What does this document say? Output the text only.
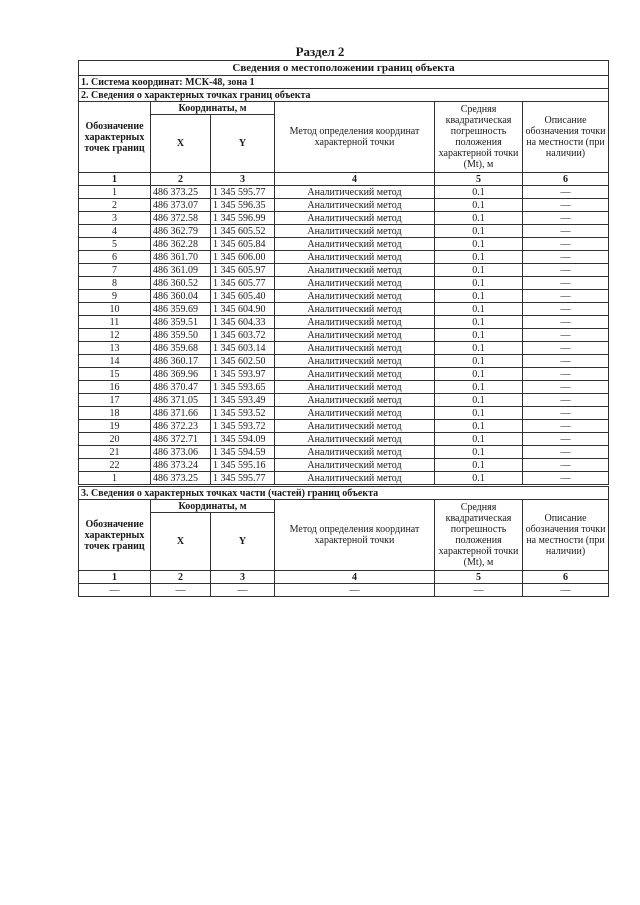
Раздел 2
Сведения о местоположении границ объекта					
1. Система координат: МСК-48, зона 1					
2. Сведения о характерных точках границ объекта					
Обозначение характерных точек границ	Координаты, м		Метод определения координат характерной точки	Средняя квадратическая погрешность положения характерной точки (Mt), м	Описание обозначения точки на местности (при наличии)
	X	Y			
1	2	3	4	5	6
1	486 373.25	1 345 595.77	Аналитический метод	0.1	—
2	486 373.07	1 345 596.35	Аналитический метод	0.1	—
3	486 372.58	1 345 596.99	Аналитический метод	0.1	—
4	486 362.79	1 345 605.52	Аналитический метод	0.1	—
5	486 362.28	1 345 605.84	Аналитический метод	0.1	—
6	486 361.70	1 345 606.00	Аналитический метод	0.1	—
7	486 361.09	1 345 605.97	Аналитический метод	0.1	—
8	486 360.52	1 345 605.77	Аналитический метод	0.1	—
9	486 360.04	1 345 605.40	Аналитический метод	0.1	—
10	486 359.69	1 345 604.90	Аналитический метод	0.1	—
11	486 359.51	1 345 604.33	Аналитический метод	0.1	—
12	486 359.50	1 345 603.72	Аналитический метод	0.1	—
13	486 359.68	1 345 603.14	Аналитический метод	0.1	—
14	486 360.17	1 345 602.50	Аналитический метод	0.1	—
15	486 369.96	1 345 593.97	Аналитический метод	0.1	—
16	486 370.47	1 345 593.65	Аналитический метод	0.1	—
17	486 371.05	1 345 593.49	Аналитический метод	0.1	—
18	486 371.66	1 345 593.52	Аналитический метод	0.1	—
19	486 372.23	1 345 593.72	Аналитический метод	0.1	—
20	486 372.71	1 345 594.09	Аналитический метод	0.1	—
21	486 373.06	1 345 594.59	Аналитический метод	0.1	—
22	486 373.24	1 345 595.16	Аналитический метод	0.1	—
1	486 373.25	1 345 595.77	Аналитический метод	0.1	—
3. Сведения о характерных точках части (частей) границ объекта					
Обозначение характерных точек границ	Координаты, м		Метод определения координат характерной точки	Средняя квадратическая погрешность положения характерной точки (Mt), м	Описание обозначения точки на местности (при наличии)
	X	Y			
1	2	3	4	5	6
—	—	—	—	—	—
